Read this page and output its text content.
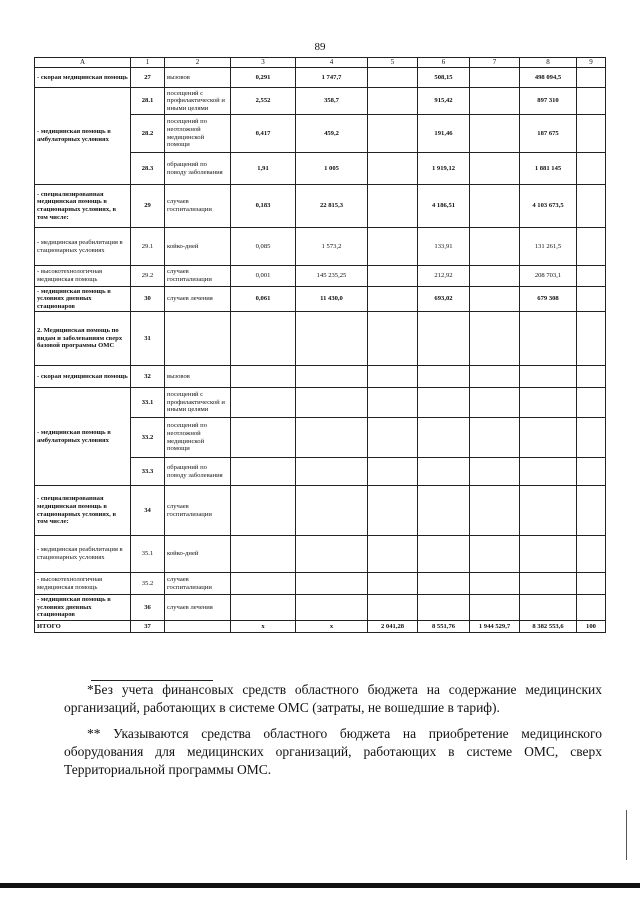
89
А	1	2	3	4	5	6	7	8	9
- скорая медицинская помощь	27	вызовов	0,291	1 747,7		508,15		498 094,5	
- медицинская помощь в амбулаторных условиях	28.1	посещений с профилактической и иными целями	2,552	358,7		915,42		897 310	
	28.2	посещений по неотложной медицинской помощи	0,417	459,2		191,46		187 675	
	28.3	обращений по поводу заболевания	1,91	1 005		1 919,12		1 881 145	
- специализированная медицинская помощь в стационарных условиях, в том числе:	29	случаев госпитализации	0,183	22 815,3		4 186,51		4 103 673,5	
- медицинская реабилитация в стационарных условиях	29.1	койко-дней	0,085	1 573,2		133,91		131 261,5	
- высокотехнологичная медицинская помощь	29.2	случаев госпитализации	0,001	145 235,25		212,92		208 703,1	
- медицинская помощь в условиях дневных стационаров	30	случаев лечения	0,061	11 430,0		693,02		679 308	
2. Медицинская помощь по видам и заболеваниям сверх базовой программы ОМС	31								
- скорая медицинская помощь	32	вызовов							
- медицинская помощь в амбулаторных условиях	33.1	посещений с профилактической и иными целями							
	33.2	посещений по неотложной медицинской помощи							
	33.3	обращений по поводу заболевания							
- специализированная медицинская помощь в стационарных условиях, в том числе:	34	случаев госпитализации							
- медицинская реабилитация в стационарных условиях	35.1	койко-дней							
- высокотехнологичная медицинская помощь	35.2	случаев госпитализации							
- медицинская помощь в условиях дневных стационаров	36	случаев лечения							
ИТОГО	37		х	х	2 041,28	8 551,76	1 944 529,7	8 382 553,6	100
*Без учета финансовых средств областного бюджета на содержание медицинских организаций, работающих в системе ОМС (затраты, не вошедшие в тариф).
** Указываются средства областного бюджета на приобретение медицинского оборудования для медицинских организаций, работающих в системе ОМС, сверх Территориальной программы ОМС.
